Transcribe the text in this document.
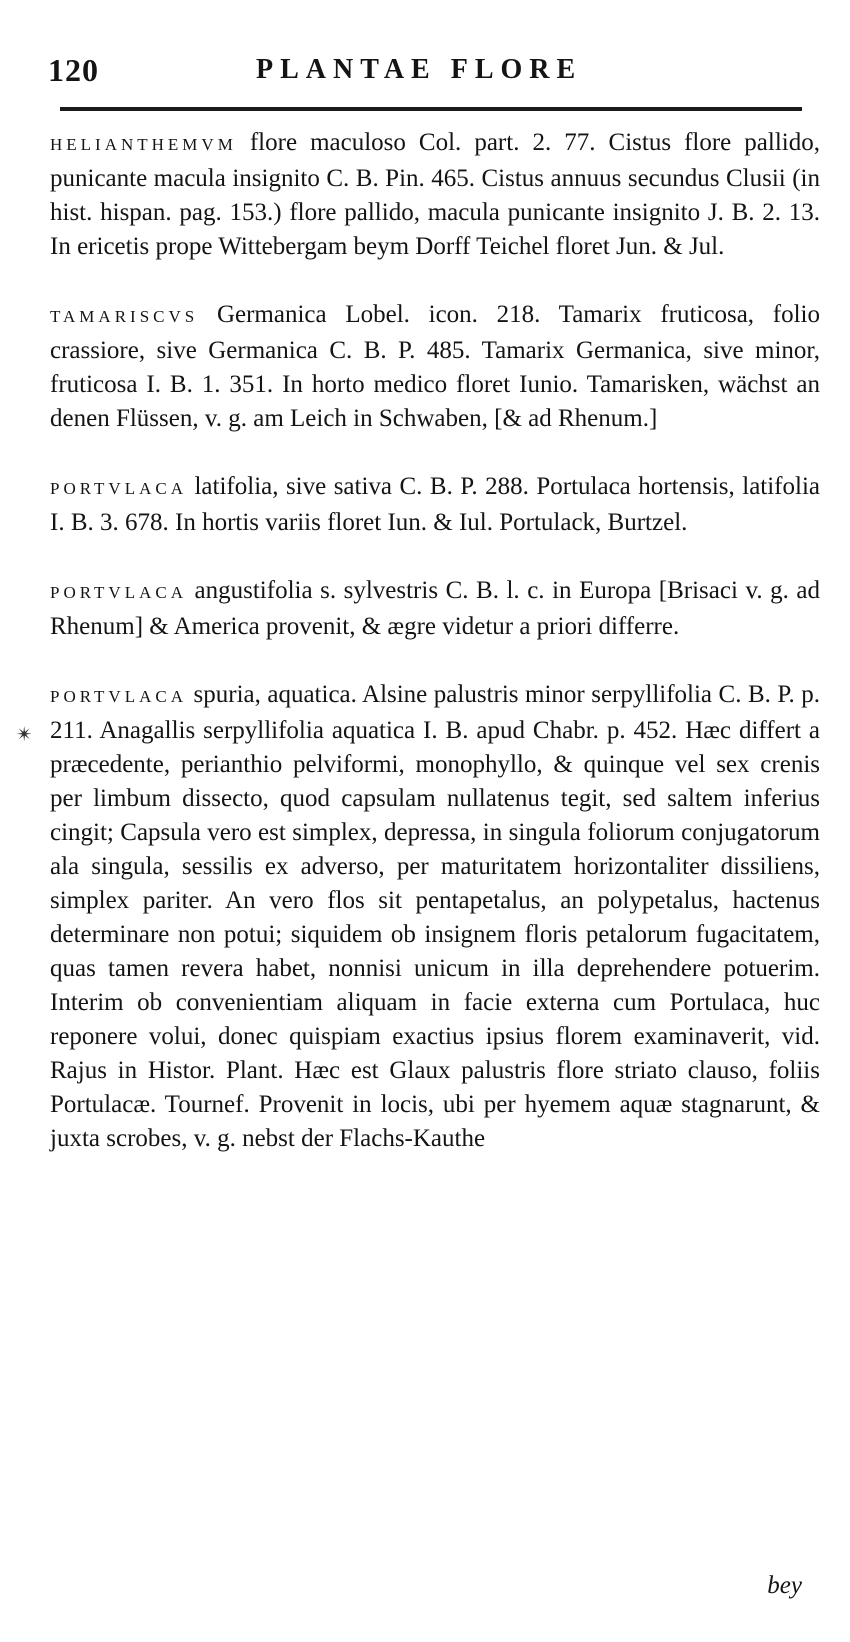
120	PLANTAE FLORE
✴

HELIANTHEMVM flore maculoso Col. part. 2. 77. Cistus flore pallido, punicante macula insignito C. B. Pin. 465. Cistus annuus secundus Clusii (in hist. hispan. pag. 153.) flore pallido, macula punicante insignito J. B. 2. 13. In ericetis prope Wittebergam beym Dorff Teichel floret Jun. & Jul.

TAMARISCVS Germanica Lobel. icon. 218. Tamarix fruticosa, folio crassiore, sive Germanica C. B. P. 485. Tamarix Germanica, sive minor, fruticosa I. B. 1. 351. In horto medico floret Iunio. Tamarisken, wächst an denen Flüssen, v. g. am Leich in Schwaben, [& ad Rhenum.]

PORTVLACA latifolia, sive sativa C. B. P. 288. Portulaca hortensis, latifolia I. B. 3. 678. In hortis variis floret Iun. & Iul. Portulack, Burtzel.

PORTVLACA angustifolia s. sylvestris C. B. l. c. in Europa [Brisaci v. g. ad Rhenum] & America provenit, & ægre videtur a priori differre.

PORTVLACA spuria, aquatica. Alsine palustris minor serpyllifolia C. B. P. p. 211. Anagallis serpyllifolia aquatica I. B. apud Chabr. p. 452. Hæc differt a præcedente, perianthio pelviformi, monophyllo, & quinque vel sex crenis per limbum dissecto, quod capsulam nullatenus tegit, sed saltem inferius cingit; Capsula vero est simplex, depressa, in singula foliorum conjugatorum ala singula, sessilis ex adverso, per maturitatem horizontaliter dissiliens, simplex pariter. An vero flos sit pentapetalus, an polypetalus, hactenus determinare non potui; siquidem ob insignem floris petalorum fugacitatem, quas tamen revera habet, nonnisi unicum in illa deprehendere potuerim. Interim ob convenientiam aliquam in facie externa cum Portulaca, huc reponere volui, donec quispiam exactius ipsius florem examinaverit, vid. Rajus in Histor. Plant. Hæc est Glaux palustris flore striato clauso, foliis Portulacæ. Tournef. Provenit in locis, ubi per hyemem aquæ stagnarunt, & juxta scrobes, v. g. nebst der Flachs-Kauthe

bey
